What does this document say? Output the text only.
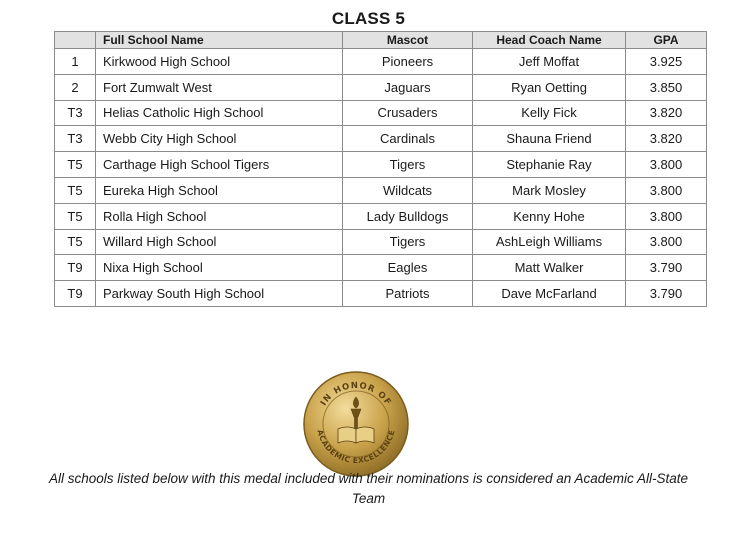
CLASS 5
	Full School Name	Mascot	Head Coach Name	GPA
1	Kirkwood High School	Pioneers	Jeff Moffat	3.925
2	Fort Zumwalt West	Jaguars	Ryan Oetting	3.850
T3	Helias Catholic High School	Crusaders	Kelly Fick	3.820
T3	Webb City High School	Cardinals	Shauna Friend	3.820
T5	Carthage High School Tigers	Tigers	Stephanie Ray	3.800
T5	Eureka High School	Wildcats	Mark Mosley	3.800
T5	Rolla High School	Lady Bulldogs	Kenny Hohe	3.800
T5	Willard High School	Tigers	AshLeigh Williams	3.800
T9	Nixa High School	Eagles	Matt Walker	3.790
T9	Parkway South High School	Patriots	Dave McFarland	3.790
IN HONOR OF
ACADEMIC EXCELLENCE
All schools listed below with this medal included with their nominations is considered an Academic All-State
Team
